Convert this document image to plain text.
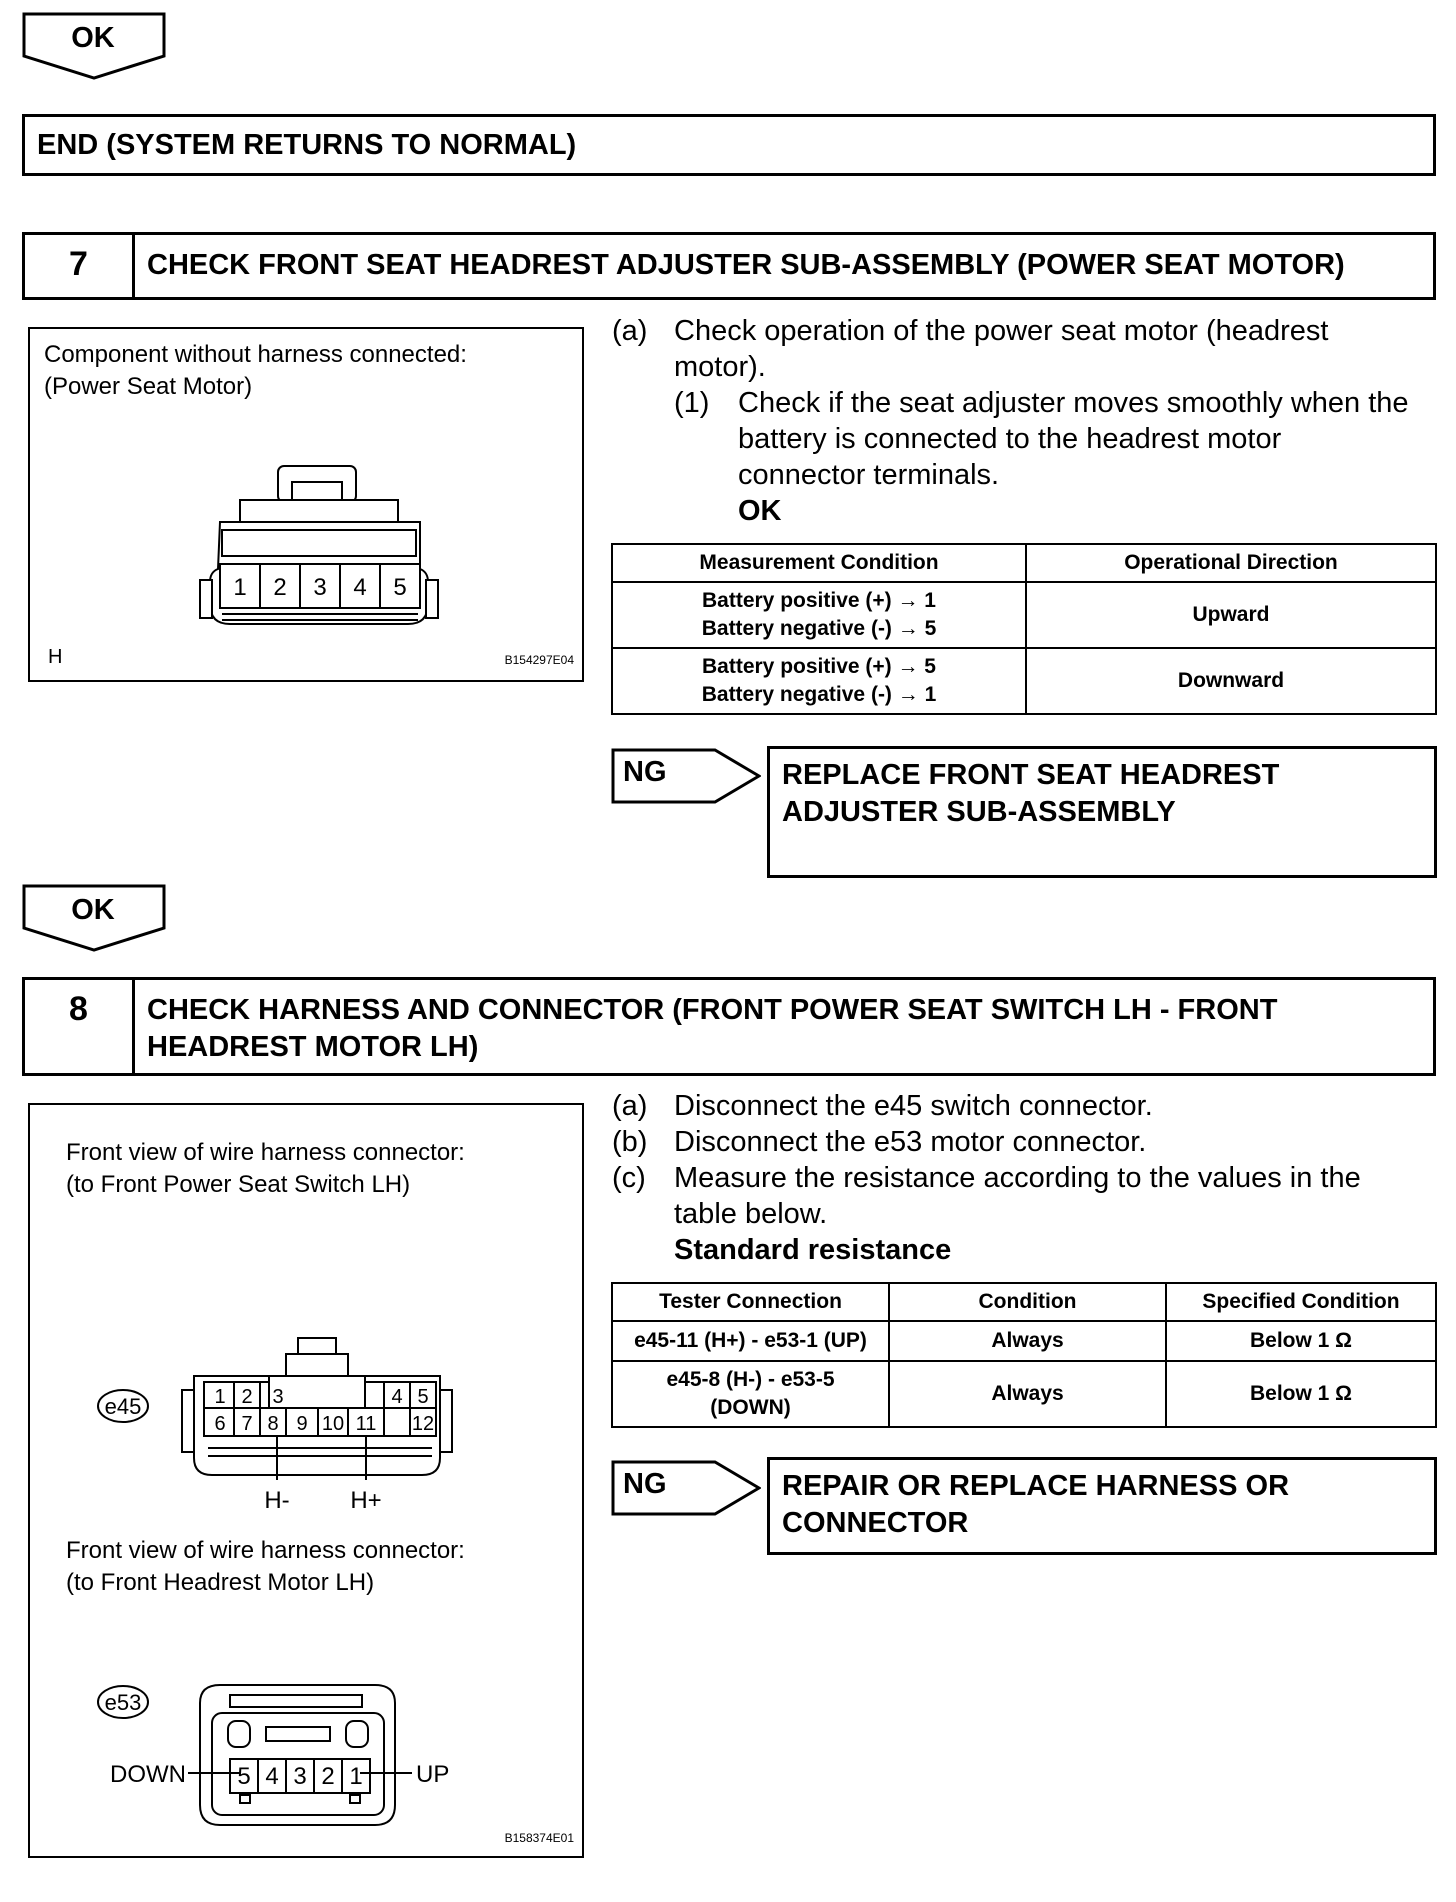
OK
END (SYSTEM RETURNS TO NORMAL)
7	CHECK FRONT SEAT HEADREST ADJUSTER SUB-ASSEMBLY (POWER SEAT MOTOR)
Component without harness connected:
(Power Seat Motor)
1 2 3 4 5
H	B154297E04
(a) Check operation of the power seat motor (headrest
motor).
(1) Check if the seat adjuster moves smoothly when the
battery is connected to the headrest motor
connector terminals.
OK
Measurement Condition	Operational Direction

Battery positive (+) → 1
Battery negative (-) → 5	Upward

Battery positive (+) → 5
Battery negative (-) → 1	Downward
NG	REPLACE FRONT SEAT HEADREST
ADJUSTER SUB-ASSEMBLY
OK
8	CHECK HARNESS AND CONNECTOR (FRONT POWER SEAT SWITCH LH - FRONT
HEADREST MOTOR LH)
Front view of wire harness connector:
(to Front Power Seat Switch LH)
e45	1 2 3	4 5
6 7 8 9 10 11 12
H-	H+
Front view of wire harness connector:
(to Front Headrest Motor LH)
e53
5 4 3 2 1
DOWN	UP
B158374E01
(a) Disconnect the e45 switch connector.
(b) Disconnect the e53 motor connector.
(c) Measure the resistance according to the values in the
table below.
Standard resistance
Tester Connection	Condition	Specified Condition
e45-11 (H+) - e53-1 (UP)	Always	Below 1 Ω

e45-8 (H-) - e53-5
(DOWN)	Always	Below 1 Ω
NG	REPAIR OR REPLACE HARNESS OR
CONNECTOR
